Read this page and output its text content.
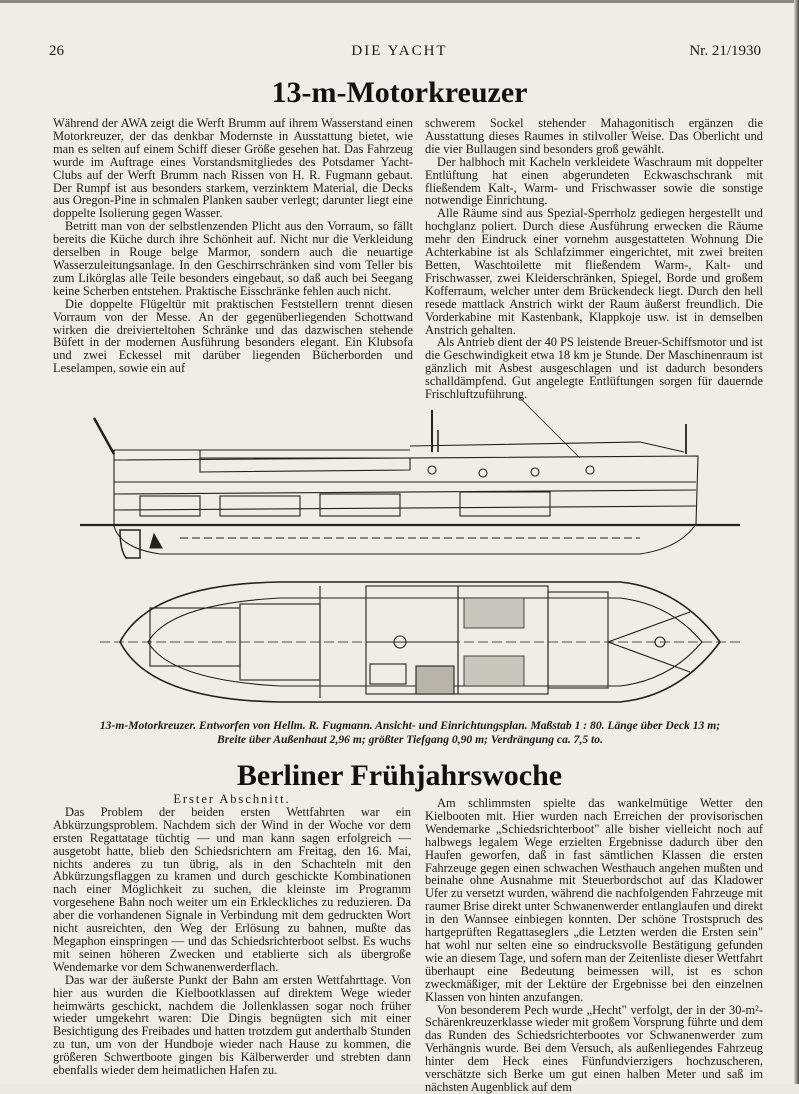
26	DIE YACHT	Nr. 21/1930
13-m-Motorkreuzer

Während der AWA zeigt die Werft Brumm auf ihrem Wasserstand einen Motorkreuzer, der das denkbar Modernste in Ausstattung bietet, wie man es selten auf einem Schiff dieser Größe gesehen hat. Das Fahrzeug wurde im Auftrage eines Vorstandsmitgliedes des Potsdamer Yacht-Clubs auf der Werft Brumm nach Rissen von H. R. Fugmann gebaut. Der Rumpf ist aus besonders starkem, verzinktem Material, die Decks aus Oregon-Pine in schmalen Planken sauber verlegt; darunter liegt eine doppelte Isolierung gegen Wasser.

Betritt man von der selbstlenzenden Plicht aus den Vorraum, so fällt bereits die Küche durch ihre Schönheit auf. Nicht nur die Verkleidung derselben in Rouge belge Marmor, sondern auch die neuartige Wasserzuleitungsanlage. In den Geschirrschränken sind vom Teller bis zum Likörglas alle Teile besonders eingebaut, so daß auch bei Seegang keine Scherben entstehen. Praktische Eisschränke fehlen auch nicht.

Die doppelte Flügeltür mit praktischen Feststellern trennt diesen Vorraum von der Messe. An der gegenüberliegenden Schottwand wirken die dreivierteltohen Schränke und das dazwischen stehende Büfett in der modernen Ausführung besonders elegant. Ein Klubsofa und zwei Eckessel mit darüber liegenden Bücherborden und Leselampen, sowie ein auf

schwerem Sockel stehender Mahagonitisch ergänzen die Ausstattung dieses Raumes in stilvoller Weise. Das Oberlicht und die vier Bullaugen sind besonders groß gewählt.

Der halbhoch mit Kacheln verkleidete Waschraum mit doppelter Entlüftung hat einen abgerundeten Eckwaschschrank mit fließendem Kalt-, Warm- und Frischwasser sowie die sonstige notwendige Einrichtung.

Alle Räume sind aus Spezial-Sperrholz gediegen hergestellt und hochglanz poliert. Durch diese Ausführung erwecken die Räume mehr den Eindruck einer vornehm ausgestatteten Wohnung Die Achterkabine ist als Schlafzimmer eingerichtet, mit zwei breiten Betten, Waschtoilette mit fließendem Warm-, Kalt- und Frischwasser, zwei Kleiderschränken, Spiegel, Borde und großem Kofferraum, welcher unter dem Brückendeck liegt. Durch den hell resede mattlack Anstrich wirkt der Raum äußerst freundlich. Die Vorderkabine mit Kastenbank, Klappkoje usw. ist in demselben Anstrich gehalten.

Als Antrieb dient der 40 PS leistende Breuer-Schiffsmotor und ist die Geschwindigkeit etwa 18 km je Stunde. Der Maschinenraum ist gänzlich mit Asbest ausgeschlagen und ist dadurch besonders schalldämpfend. Gut angelegte Entlüftungen sorgen für dauernde Frischluftzuführung.

13-m-Motorkreuzer. Entworfen von Hellm. R. Fugmann. Ansicht- und Einrichtungsplan. Maßstab 1 : 80. Länge über Deck 13 m;
Breite über Außenhaut 2,96 m; größter Tiefgang 0,90 m; Verdrängung ca. 7,5 to.
Berliner Frühjahrswoche
Erster Abschnitt.

Das Problem der beiden ersten Wettfahrten war ein Abkürzungsproblem. Nachdem sich der Wind in der Woche vor dem ersten Regattatage tüchtig — und man kann sagen erfolgreich — ausgetobt hatte, blieb den Schiedsrichtern am Freitag, den 16. Mai, nichts anderes zu tun übrig, als in den Schachteln mit den Abkürzungsflaggen zu kramen und durch geschickte Kombinationen nach einer Möglichkeit zu suchen, die kleinste im Programm vorgesehene Bahn noch weiter um ein Erkleckliches zu reduzieren. Da aber die vorhandenen Signale in Verbindung mit dem gedruckten Wort nicht ausreichten, den Weg der Erlösung zu bahnen, mußte das Megaphon einspringen — und das Schiedsrichterboot selbst. Es wuchs mit seinen höheren Zwecken und etablierte sich als übergroße Wendemarke vor dem Schwanenwerderflach.

Das war der äußerste Punkt der Bahn am ersten Wettfahrttage. Von hier aus wurden die Kielbootklassen auf direktem Wege wieder heimwärts geschickt, nachdem die Jollenklassen sogar noch früher wieder umgekehrt waren: Die Dingis begnügten sich mit einer Besichtigung des Freibades und hatten trotzdem gut anderthalb Stunden zu tun, um von der Hundboje wieder nach Hause zu kommen, die größeren Schwertboote gingen bis Kälberwerder und strebten dann ebenfalls wieder dem heimatlichen Hafen zu.

Am schlimmsten spielte das wankelmütige Wetter den Kielbooten mit. Hier wurden nach Erreichen der provisorischen Wendemarke „Schiedsrichterboot" alle bisher vielleicht noch auf halbwegs legalem Wege erzielten Ergebnisse dadurch über den Haufen geworfen, daß in fast sämtlichen Klassen die ersten Fahrzeuge gegen einen schwachen Westhauch angehen mußten und beinahe ohne Ausnahme mit Steuerbordschot auf das Kladower Ufer zu versetzt wurden, während die nachfolgenden Fahrzeuge mit raumer Brise direkt unter Schwanenwerder entlanglaufen und direkt in den Wannsee einbiegen konnten. Der schöne Trostspruch des hartgeprüften Regattaseglers „die Letzten werden die Ersten sein" hat wohl nur selten eine so eindrucksvolle Bestätigung gefunden wie an diesem Tage, und sofern man der Zeitenliste dieser Wettfahrt überhaupt eine Bedeutung beimessen will, ist es schon zweckmäßiger, mit der Lektüre der Ergebnisse bei den einzelnen Klassen von hinten anzufangen.

Von besonderem Pech wurde „Hecht" verfolgt, der in der 30-m²-Schärenkreuzerklasse wieder mit großem Vorsprung führte und dem das Runden des Schiedsrichterbootes vor Schwanenwerder zum Verhängnis wurde. Bei dem Versuch, als außenliegendes Fahrzeug hinter dem Heck eines Fünfundvierzigers hochzuscheren, verschätzte sich Berke um gut einen halben Meter und saß im nächsten Augenblick auf dem
